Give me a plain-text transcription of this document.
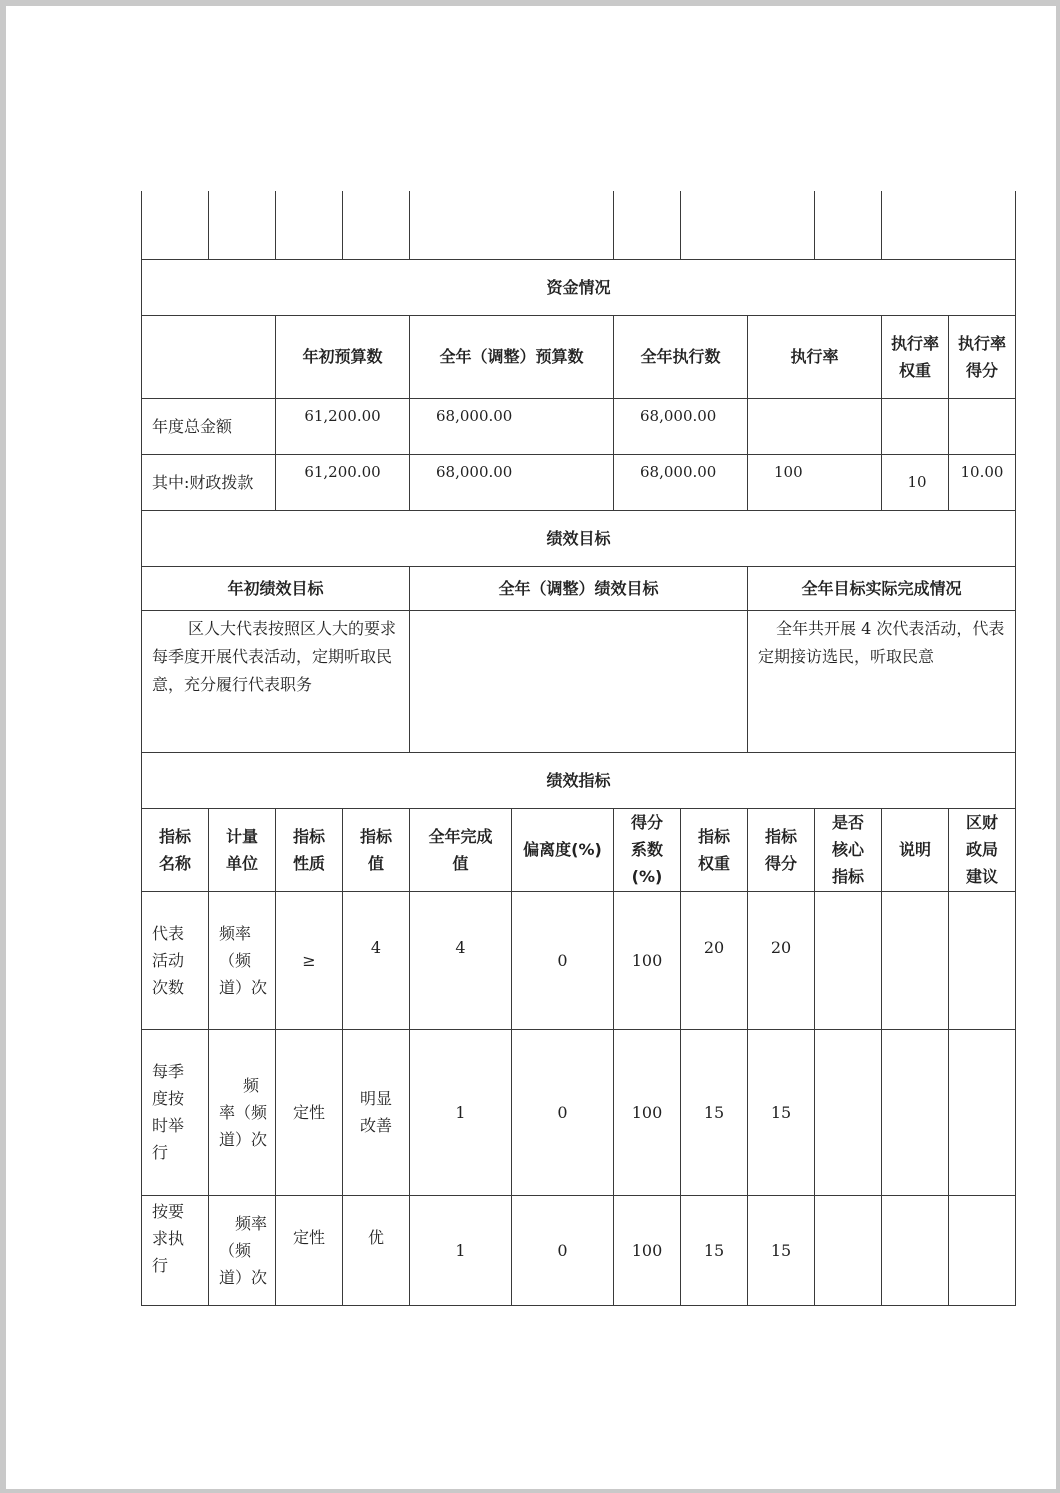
资金情况											
		年初预算数		全年（调整）预算数		全年执行数		执行率		执行率权重	执行率得分
年度总金额		61,200.00		68,000.00		68,000.00					
其中:财政拨款		61,200.00		68,000.00		68,000.00		100		10	10.00
绩效目标											
年初绩效目标				全年（调整）绩效目标				全年目标实际完成情况			
区人大代表按照区人大的要求每季度开展代表活动，定期听取民意，充分履行代表职务								全年共开展 4 次代表活动，代表定期接访选民，听取民意			
绩效指标											
指标名称	计量单位	指标性质	指标值	全年完成值	偏离度(%)	得分系数(%)	指标权重	指标得分	是否核心指标	说明	区财政局建议
代表活动次数	频率（频道）次	≥	4	4	0	100	20	20			
每季度按时举行	频率（频道）次	定性	明显改善	1	0	100	15	15			
按要求执行	频率（频道）次	定性	优	1	0	100	15	15			
